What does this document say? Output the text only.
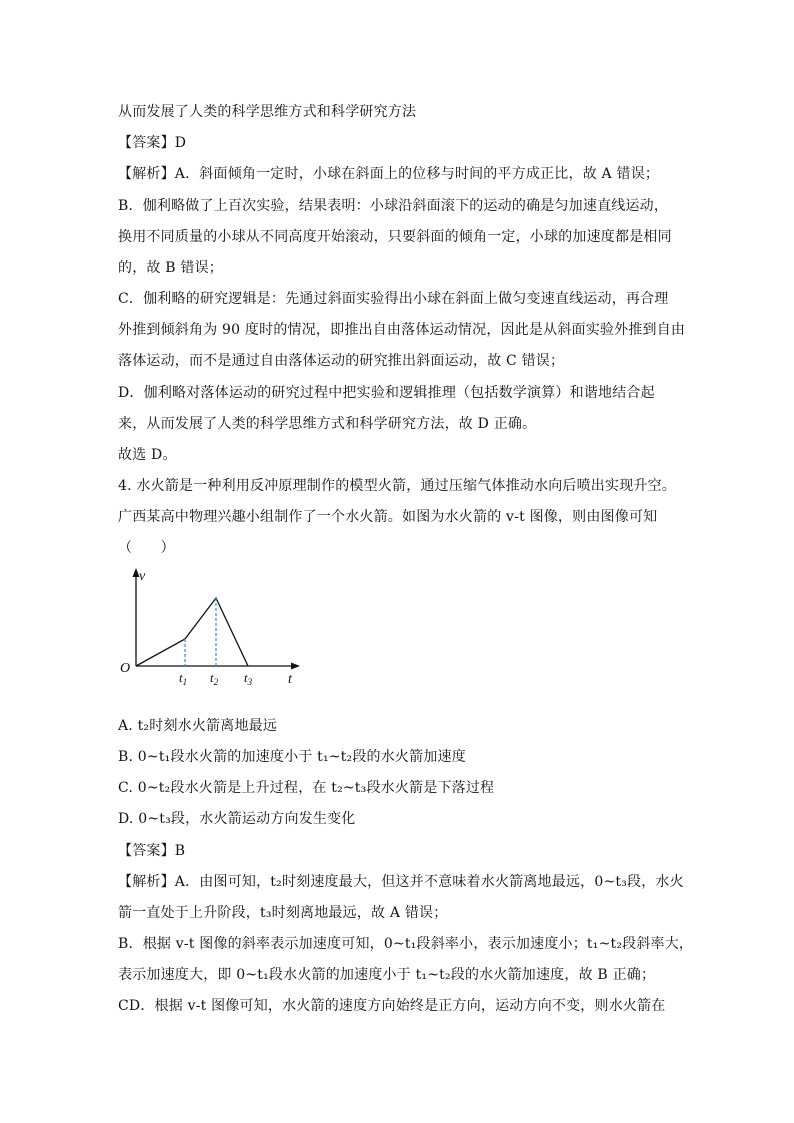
从而发展了人类的科学思维方式和科学研究方法
【答案】D
【解析】A．斜面倾角一定时，小球在斜面上的位移与时间的平方成正比，故 A 错误；
B．伽利略做了上百次实验，结果表明：小球沿斜面滚下的运动的确是匀加速直线运动，
换用不同质量的小球从不同高度开始滚动，只要斜面的倾角一定，小球的加速度都是相同
的，故 B 错误；
C．伽利略的研究逻辑是：先通过斜面实验得出小球在斜面上做匀变速直线运动，再合理
外推到倾斜角为 90 度时的情况，即推出自由落体运动情况，因此是从斜面实验外推到自由
落体运动，而不是通过自由落体运动的研究推出斜面运动，故 C 错误；
D．伽利略对落体运动的研究过程中把实验和逻辑推理（包括数学演算）和谐地结合起
来，从而发展了人类的科学思维方式和科学研究方法，故 D 正确。
故选 D。
4. 水火箭是一种利用反冲原理制作的模型火箭，通过压缩气体推动水向后喷出实现升空。
广西某高中物理兴趣小组制作了一个水火箭。如图为水火箭的 v-t 图像，则由图像可知
（　　）
v
O
t
$t_1$ $t_2$ $t_3$
A. t₂时刻水火箭离地最远
B. 0~t₁段水火箭的加速度小于 t₁~t₂段的水火箭加速度
C. 0~t₂段水火箭是上升过程，在 t₂~t₃段水火箭是下落过程
D. 0~t₃段，水火箭运动方向发生变化
【答案】B
【解析】A．由图可知，t₂时刻速度最大，但这并不意味着水火箭离地最远，0~t₃段，水火
箭一直处于上升阶段，t₃时刻离地最远，故 A 错误；
B．根据 v-t 图像的斜率表示加速度可知，0~t₁段斜率小，表示加速度小；t₁~t₂段斜率大，
表示加速度大，即 0~t₁段水火箭的加速度小于 t₁~t₂段的水火箭加速度，故 B 正确；
CD．根据 v-t 图像可知，水火箭的速度方向始终是正方向，运动方向不变，则水火箭在
